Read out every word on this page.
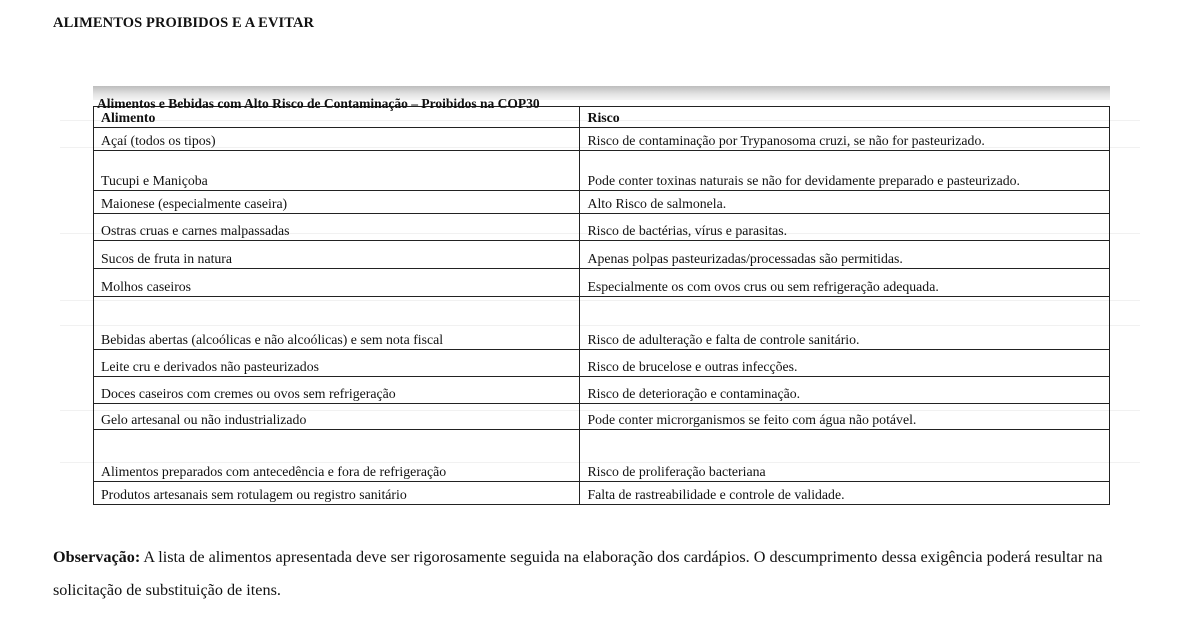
ALIMENTOS PROIBIDOS E A EVITAR
Alimentos e Bebidas com Alto Risco de Contaminação – Proibidos na COP30
Alimento	Risco
Açaí (todos os tipos)	Risco de contaminação por Trypanosoma cruzi, se não for pasteurizado.
Tucupi e Maniçoba	Pode conter toxinas naturais se não for devidamente preparado e pasteurizado.
Maionese (especialmente caseira)	Alto Risco de salmonela.
Ostras cruas e carnes malpassadas	Risco de bactérias, vírus e parasitas.
Sucos de fruta in natura	Apenas polpas pasteurizadas/processadas são permitidas.
Molhos caseiros	Especialmente os com ovos crus ou sem refrigeração adequada.
Bebidas abertas (alcoólicas e não alcoólicas) e sem nota fiscal	Risco de adulteração e falta de controle sanitário.
Leite cru e derivados não pasteurizados	Risco de brucelose e outras infecções.
Doces caseiros com cremes ou ovos sem refrigeração	Risco de deterioração e contaminação.
Gelo artesanal ou não industrializado	Pode conter microrganismos se feito com água não potável.
Alimentos preparados com antecedência e fora de refrigeração	Risco de proliferação bacteriana
Produtos artesanais sem rotulagem ou registro sanitário	Falta de rastreabilidade e controle de validade.

Observação: A lista de alimentos apresentada deve ser rigorosamente seguida na elaboração dos cardápios. O descumprimento dessa exigência poderá resultar na solicitação de substituição de itens.
